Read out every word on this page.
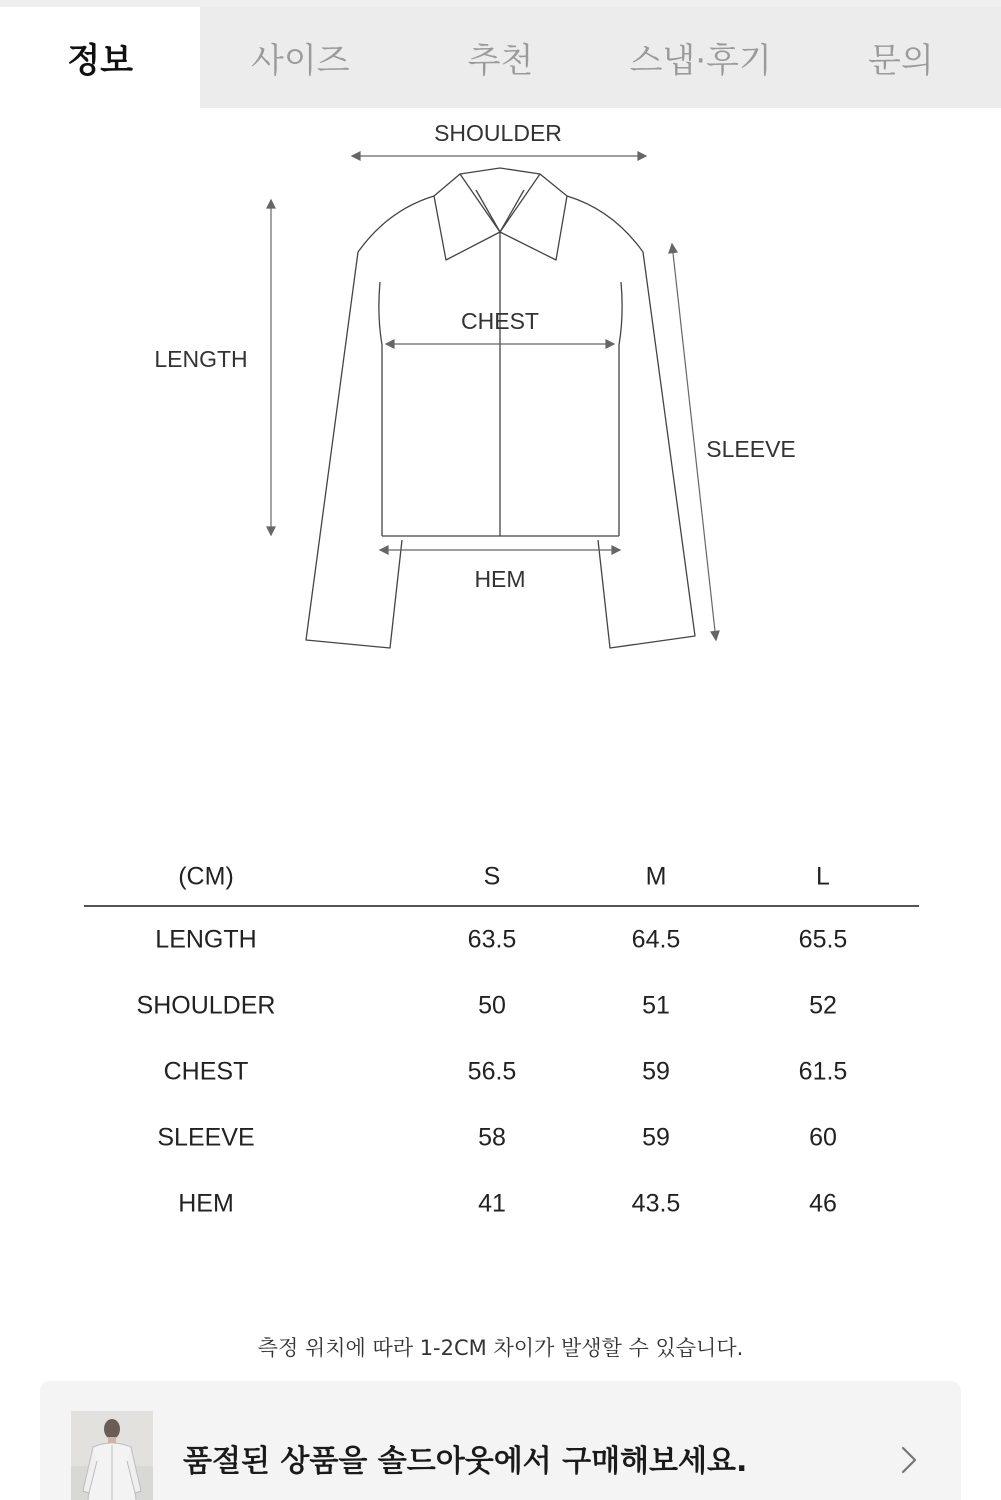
정보	사이즈	추천	스냅·후기	문의
SHOULDER
CHEST
LENGTH
SLEEVE
HEM
(CM)	S	M	L
LENGTH	63.5	64.5	65.5
SHOULDER	50	51	52
CHEST	56.5	59	61.5
SLEEVE	58	59	60
HEM	41	43.5	46
측정 위치에 따라 1-2CM 차이가 발생할 수 있습니다.
품절된 상품을 솔드아웃에서 구매해보세요.
